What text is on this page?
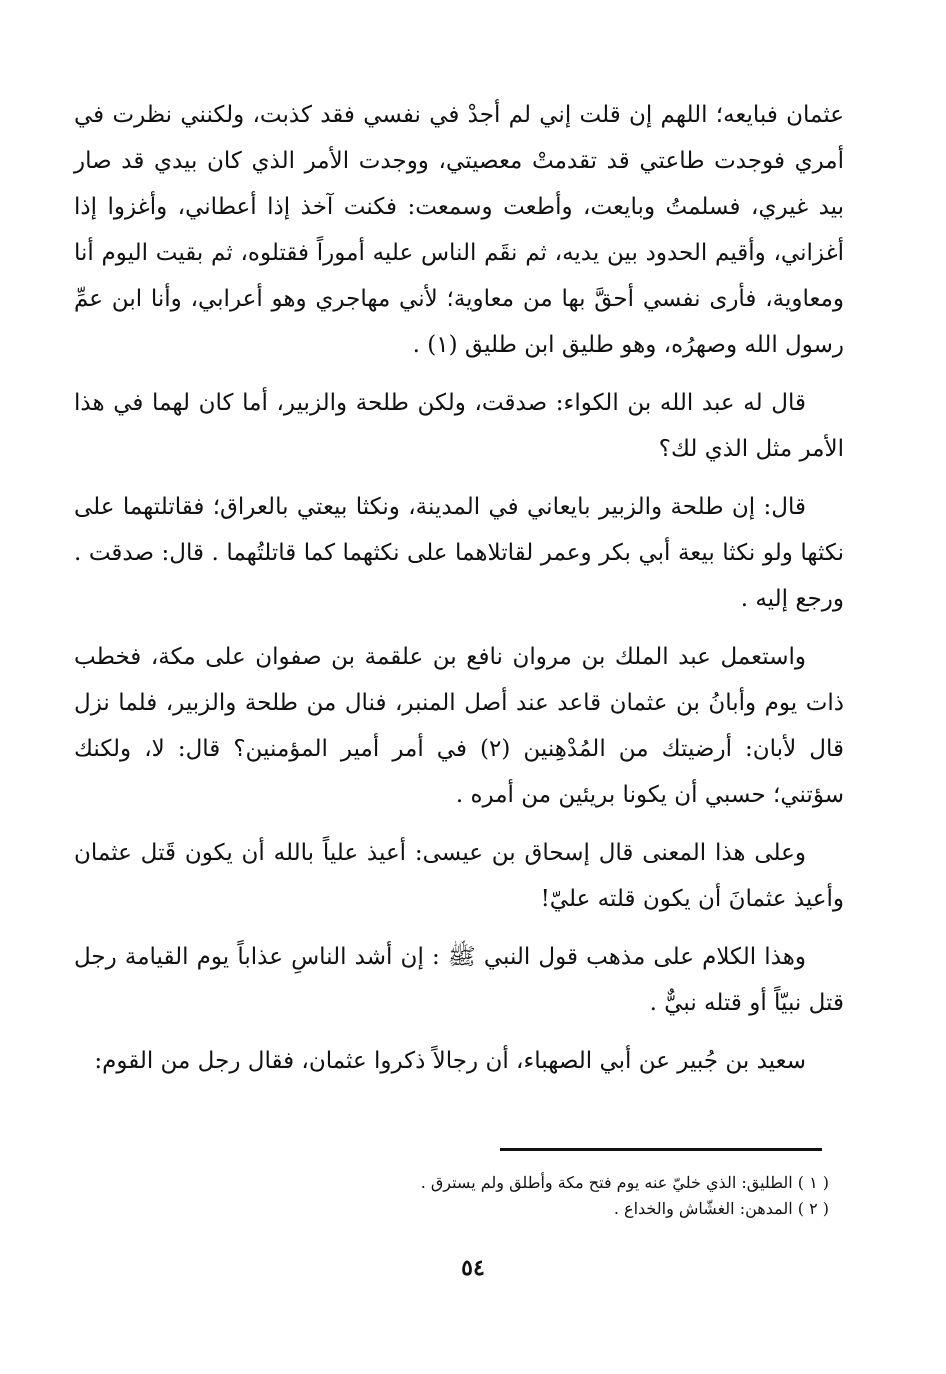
عثمان فبايعه؛ اللهم إن قلت إني لم أجدْ في نفسي فقد كذبت، ولكنني نظرت في أمري فوجدت طاعتي قد تقدمتْ معصيتي، ووجدت الأمر الذي كان بيدي قد صار بيد غيري، فسلمتُ وبايعت، وأطعت وسمعت: فكنت آخذ إذا أعطاني، وأغزوا إذا أغزاني، وأقيم الحدود بين يديه، ثم نقَم الناس عليه أموراً فقتلوه، ثم بقيت اليوم أنا ومعاوية، فأرى نفسي أحقَّ بها من معاوية؛ لأني مهاجري وهو أعرابي، وأنا ابن عمِّ رسول الله وصهرُه، وهو طليق ابن طليق (١) .

قال له عبد الله بن الكواء: صدقت، ولكن طلحة والزبير، أما كان لهما في هذا الأمر مثل الذي لك؟

قال: إن طلحة والزبير بايعاني في المدينة، ونكثا بيعتي بالعراق؛ فقاتلتهما على نكثها ولو نكثا بيعة أبي بكر وعمر لقاتلاهما على نكثهما كما قاتلتُهما . قال: صدقت . ورجع إليه .

واستعمل عبد الملك بن مروان نافع بن علقمة بن صفوان على مكة، فخطب ذات يوم وأبانُ بن عثمان قاعد عند أصل المنبر، فنال من طلحة والزبير، فلما نزل قال لأبان: أرضيتك من المُدْهِنين (٢) في أمر أمير المؤمنين؟ قال: لا، ولكنك سؤتني؛ حسبي أن يكونا بريئين من أمره .

وعلى هذا المعنى قال إسحاق بن عيسى: أعيذ علياً بالله أن يكون قَتل عثمان وأعيذ عثمانَ أن يكون قلته عليّ!

وهذا الكلام على مذهب قول النبي ﷺ : إن أشد الناسِ عذاباً يوم القيامة رجل قتل نبيّاً أو قتله نبيٌّ .

سعيد بن جُبير عن أبي الصهباء، أن رجالاً ذكروا عثمان، فقال رجل من القوم:

( ١ ) الطليق: الذي خليّ عنه يوم فتح مكة وأطلق ولم يسترق .

( ٢ ) المدهن: الغشّاش والخداع .

٥٤
